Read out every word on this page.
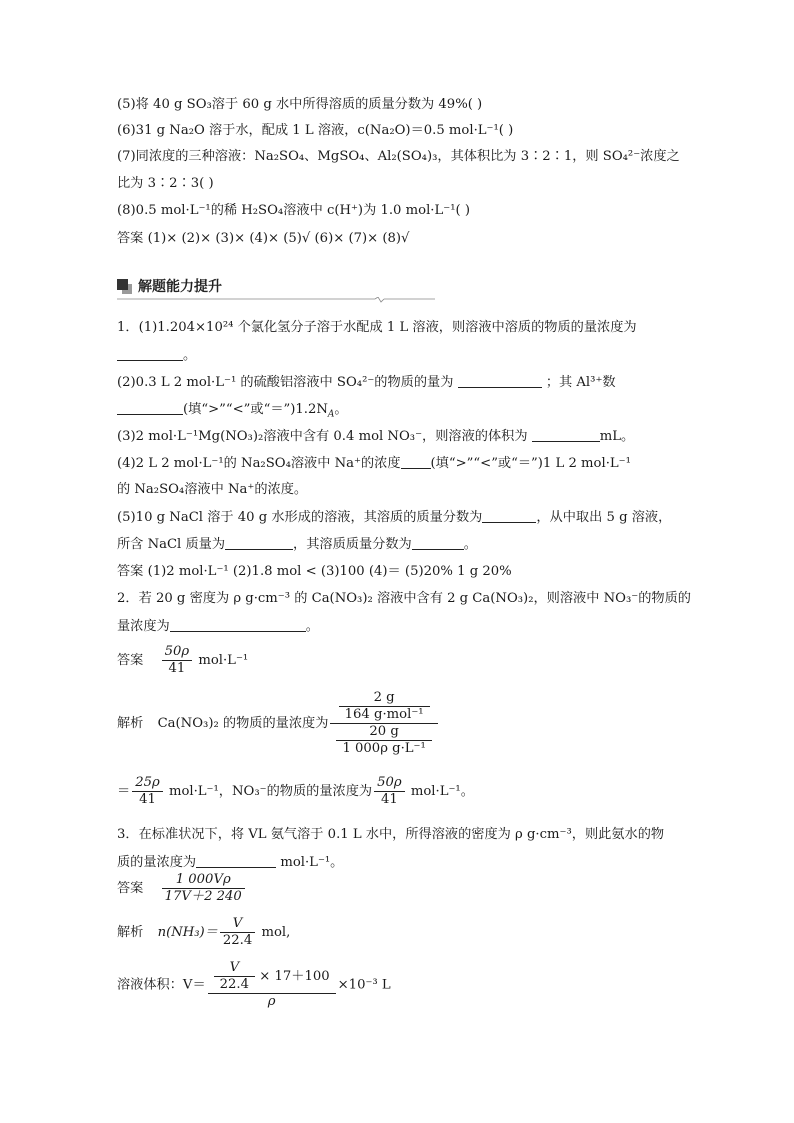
(5)将 40 g SO₃溶于 60 g 水中所得溶质的质量分数为 49%( )
(6)31 g Na₂O 溶于水，配成 1 L 溶液，c(Na₂O)＝0.5 mol·L⁻¹( )
(7)同浓度的三种溶液：Na₂SO₄、MgSO₄、Al₂(SO₄)₃，其体积比为 3∶2∶1，则 SO₄²⁻浓度之
比为 3∶2∶3( )
(8)0.5 mol·L⁻¹的稀 H₂SO₄溶液中 c(H⁺)为 1.0 mol·L⁻¹( )
答案 (1)× (2)× (3)× (4)× (5)√ (6)× (7)× (8)√
解题能力提升
1．(1)1.204×10²⁴ 个氯化氢分子溶于水配成 1 L 溶液，则溶液中溶质的物质的量浓度为
。
(2)0.3 L 2 mol·L⁻¹ 的硫酸铝溶液中 SO₄²⁻的物质的量为	；其 Al³⁺数
(填“>”“<”或“$=”)1.2N_A$。
(3)2 mol·L⁻¹Mg(NO₃)₂溶液中含有 0.4 mol NO₃⁻，则溶液的体积为	mL。
(4)2 L 2 mol·L⁻¹的 Na₂SO₄溶液中 Na⁺的浓度 (填“>”“<”或“＝”)1 L 2 mol·L⁻¹
的 Na₂SO₄溶液中 Na⁺的浓度。
(5)10 g NaCl 溶于 40 g 水形成的溶液，其溶质的质量分数为	，从中取出 5 g 溶液，
所含 NaCl 质量为	，其溶质质量分数为	。
答案 (1)2 mol·L⁻¹ (2)1.8 mol < (3)100 (4)＝ (5)20% 1 g 20%
2．若 20 g 密度为 ρ g·cm⁻³ 的 Ca(NO₃)₂ 溶液中含有 2 g Ca(NO₃)₂，则溶液中 NO₃⁻的物质的
量浓度为	。
答案 $\frac{50\rho}{41} mol\cdot L^{-1}$
解析 Ca(NO₃)₂ 的物质的量浓度为 $\frac{\frac{2 g}{\text{164 g·mol⁻¹}}}{\frac{20 g}{\text{1 000ρ g·L⁻¹}}}$
＝ $\frac{25\rho}{41} mol\cdot L^{-1}$，NO₃⁻的物质的量浓度为 $\frac{50\rho}{41} mol\cdot L^{-1}$。
3．在标准状况下，将 VL 氨气溶于 0.1 L 水中，所得溶液的密度为 ρ g·cm⁻³，则此氨水的物
质的量浓度为	mol·L⁻¹。
答案 $\frac{1 000V\rho}{17V+2 240}$
解析 $n(NH_3)= \frac{V}{22.4}$ mol,
溶液体积：$V= \frac{\frac{V}{22.4} \times 17+100}{\rho} \times 10^{-3}$ L
